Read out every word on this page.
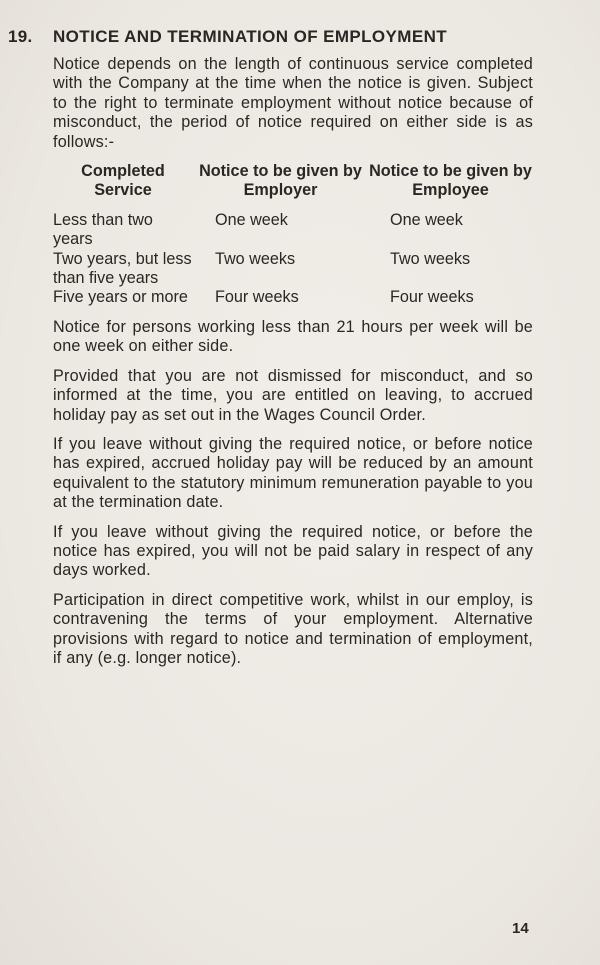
19. NOTICE AND TERMINATION OF EMPLOYMENT

Notice depends on the length of continuous service completed with the Company at the time when the notice is given. Subject to the right to terminate employment without notice because of misconduct, the period of notice required on either side is as follows:-

Completed Service	Notice to be given by Employer	Notice to be given by Employee
Less than two years	One week	One week
Two years, but less than five years	Two weeks	Two weeks
Five years or more	Four weeks	Four weeks

Notice for persons working less than 21 hours per week will be one week on either side.

Provided that you are not dismissed for misconduct, and so informed at the time, you are entitled on leaving, to accrued holiday pay as set out in the Wages Council Order.

If you leave without giving the required notice, or before notice has expired, accrued holiday pay will be reduced by an amount equivalent to the statutory minimum remuneration payable to you at the termination date.

If you leave without giving the required notice, or before the notice has expired, you will not be paid salary in respect of any days worked.

Participation in direct competitive work, whilst in our employ, is contravening the terms of your employment. Alternative provisions with regard to notice and termination of employment, if any (e.g. longer notice).

14
